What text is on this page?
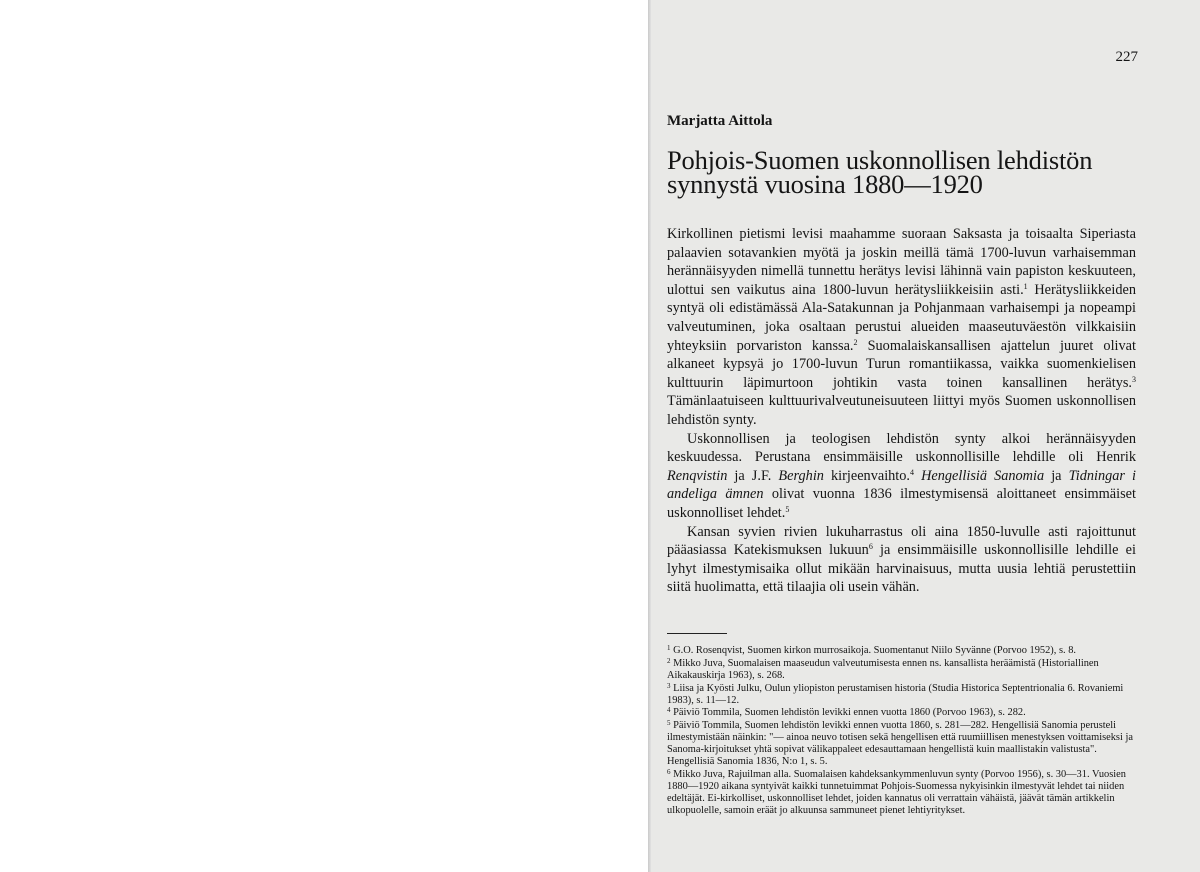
227
Marjatta Aittola
Pohjois-Suomen uskonnollisen lehdistön
synnystä vuosina 1880—1920

Kirkollinen pietismi levisi maahamme suoraan Saksasta ja toisaalta Siperiasta palaavien sotavankien myötä ja joskin meillä tämä 1700-luvun varhaisemman herännäisyyden nimellä tunnettu herätys levisi lähinnä vain papiston keskuuteen, ulottui sen vaikutus aina 1800-luvun herätysliikkeisiin asti.$^1$ Herätysliikkeiden syntyä oli edistämässä Ala-Satakunnan ja Pohjanmaan varhaisempi ja nopeampi valveutuminen, joka osaltaan perustui alueiden maaseutuväestön vilkkaisiin yhteyksiin porvariston kanssa.$^2$ Suomalaiskansallisen ajattelun juuret olivat alkaneet kypsyä jo 1700-luvun Turun romantiikassa, vaikka suomenkielisen kulttuurin läpimurtoon johtikin vasta toinen kansallinen herätys.$^3$ Tämänlaatuiseen kulttuurivalveutuneisuuteen liittyi myös Suomen uskonnollisen lehdistön synty.

Uskonnollisen ja teologisen lehdistön synty alkoi herännäisyyden keskuudessa. Perustana ensimmäisille uskonnollisille lehdille oli Henrik Renqvistin ja J.F. Berghin kirjeenvaihto.$^4$ Hengellisiä Sanomia ja Tidningar i andeliga ämnen olivat vuonna 1836 ilmestymisensä aloittaneet ensimmäiset uskonnolliset lehdet.$^5$

Kansan syvien rivien lukuharrastus oli aina 1850-luvulle asti rajoittunut pääasiassa Katekismuksen lukuun$^6$ ja ensimmäisille uskonnollisille lehdille ei lyhyt ilmestymisaika ollut mikään harvinaisuus, mutta uusia lehtiä perustettiin siitä huolimatta, että tilaajia oli usein vähän.

$^1$ G.O. Rosenqvist, Suomen kirkon murrosaikoja. Suomentanut Niilo Syvänne (Porvoo 1952), s. 8.
$^2$ Mikko Juva, Suomalaisen maaseudun valveutumisesta ennen ns. kansallista heräämistä (Historiallinen Aikakauskirja 1963), s. 268.
$^3$ Liisa ja Kyösti Julku, Oulun yliopiston perustamisen historia (Studia Historica Septentrionalia 6. Rovaniemi 1983), s. 11—12.
$^4$ Päiviö Tommila, Suomen lehdistön levikki ennen vuotta 1860 (Porvoo 1963), s. 282.
$^5$ Päiviö Tommila, Suomen lehdistön levikki ennen vuotta 1860, s. 281—282. Hengellisiä Sanomia perusteli ilmestymistään näinkin: "— ainoa neuvo totisen sekä hengellisen että ruumiillisen menestyksen voittamiseksi ja Sanoma-kirjoitukset yhtä sopivat välikappaleet edesauttamaan hengellistä kuin maallistakin valistusta". Hengellisiä Sanomia 1836, N:o 1, s. 5.
$^6$ Mikko Juva, Rajuilman alla. Suomalaisen kahdeksankymmenluvun synty (Porvoo 1956), s. 30—31. Vuosien 1880—1920 aikana syntyivät kaikki tunnetuimmat Pohjois-Suomessa nykyisinkin ilmestyvät lehdet tai niiden edeltäjät. Ei-kirkolliset, uskonnolliset lehdet, joiden kannatus oli verrattain vähäistä, jäävät tämän artikkelin ulkopuolelle, samoin eräät jo alkuunsa sammuneet pienet lehtiyritykset.
